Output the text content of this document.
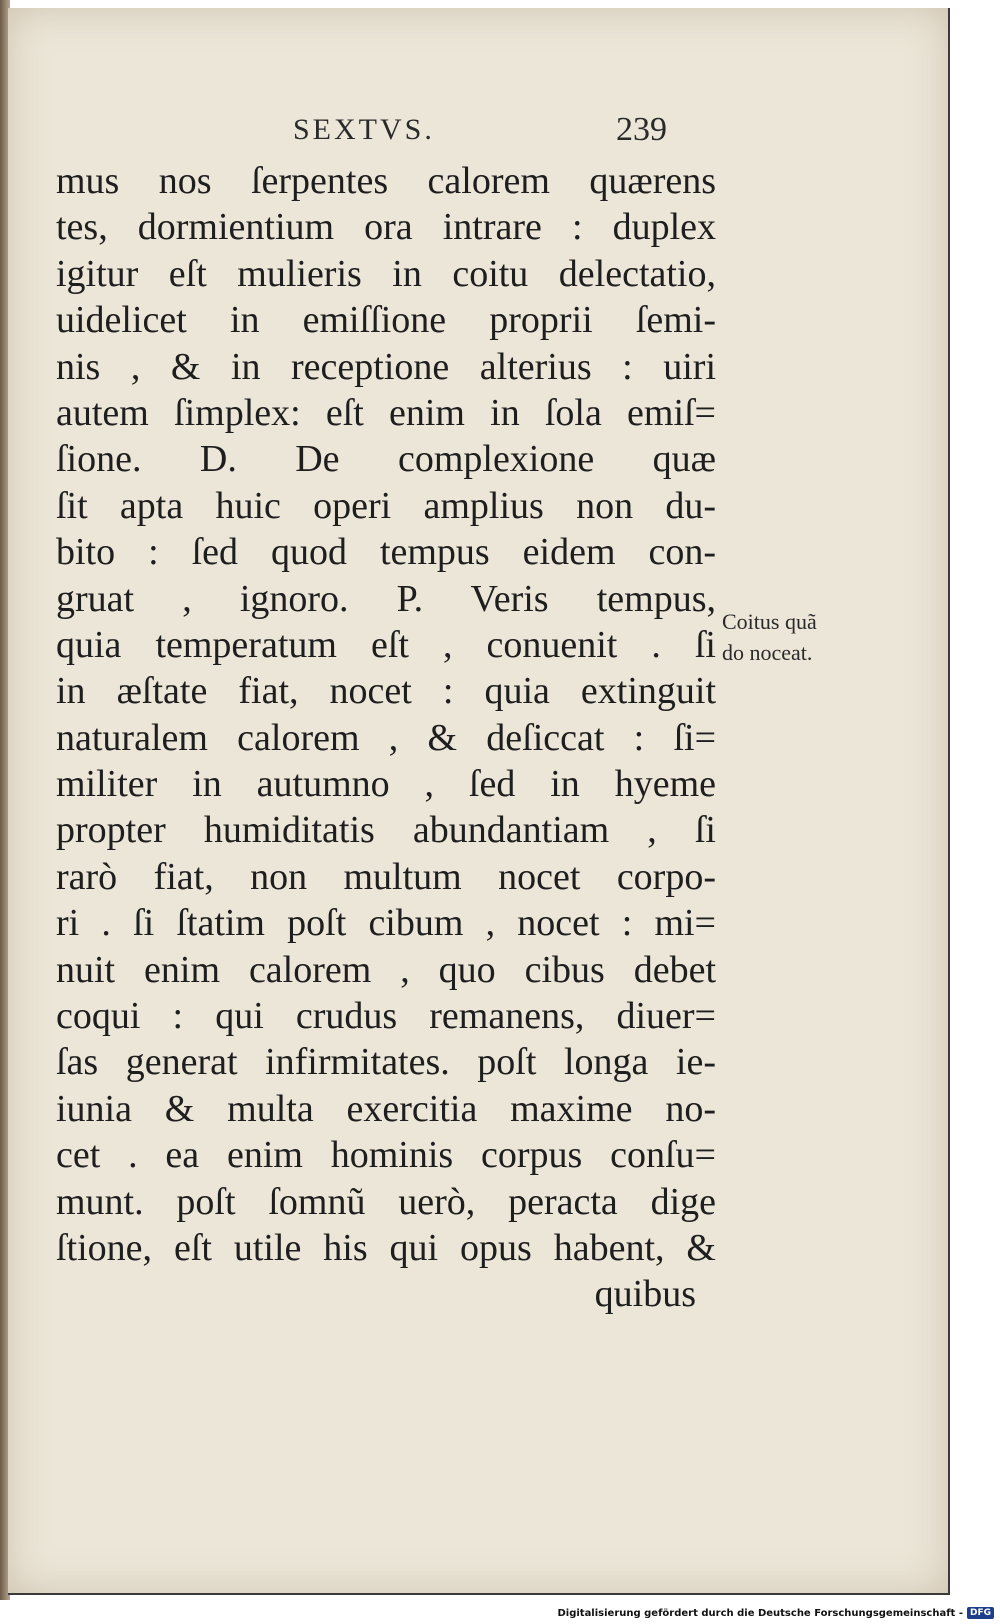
SEXTVS.	239
mus nos ſerpentes calorem quærens
tes, dormientium ora intrare : duplex
igitur eſt mulieris in coitu delectatio,
uidelicet in emiſſione proprii ſemi-
nis , & in receptione alterius : uiri
autem ſimplex: eſt enim in ſola emiſ=
ſione. D. De complexione quæ
ſit apta huic operi amplius non du-
bito : ſed quod tempus eidem con-
gruat , ignoro. P. Veris tempus,
quia temperatum eſt , conuenit . ſi
in æſtate fiat, nocet : quia extinguit
naturalem calorem , & deſiccat : ſi=
militer in autumno , ſed in hyeme
propter humiditatis abundantiam , ſi
rarò fiat, non multum nocet corpo-
ri . ſi ſtatim poſt cibum , nocet : mi=
nuit enim calorem , quo cibus debet
coqui : qui crudus remanens, diuer=
ſas generat infirmitates. poſt longa ie-
iunia & multa exercitia maxime no-
cet . ea enim hominis corpus conſu=
munt. poſt ſomnũ uerò, peracta dige
ſtione, eſt utile his qui opus habent, &
quibus
Coitus quã
do noceat.
Digitalisierung gefördert durch die Deutsche Forschungsgemeinschaft - DFG
